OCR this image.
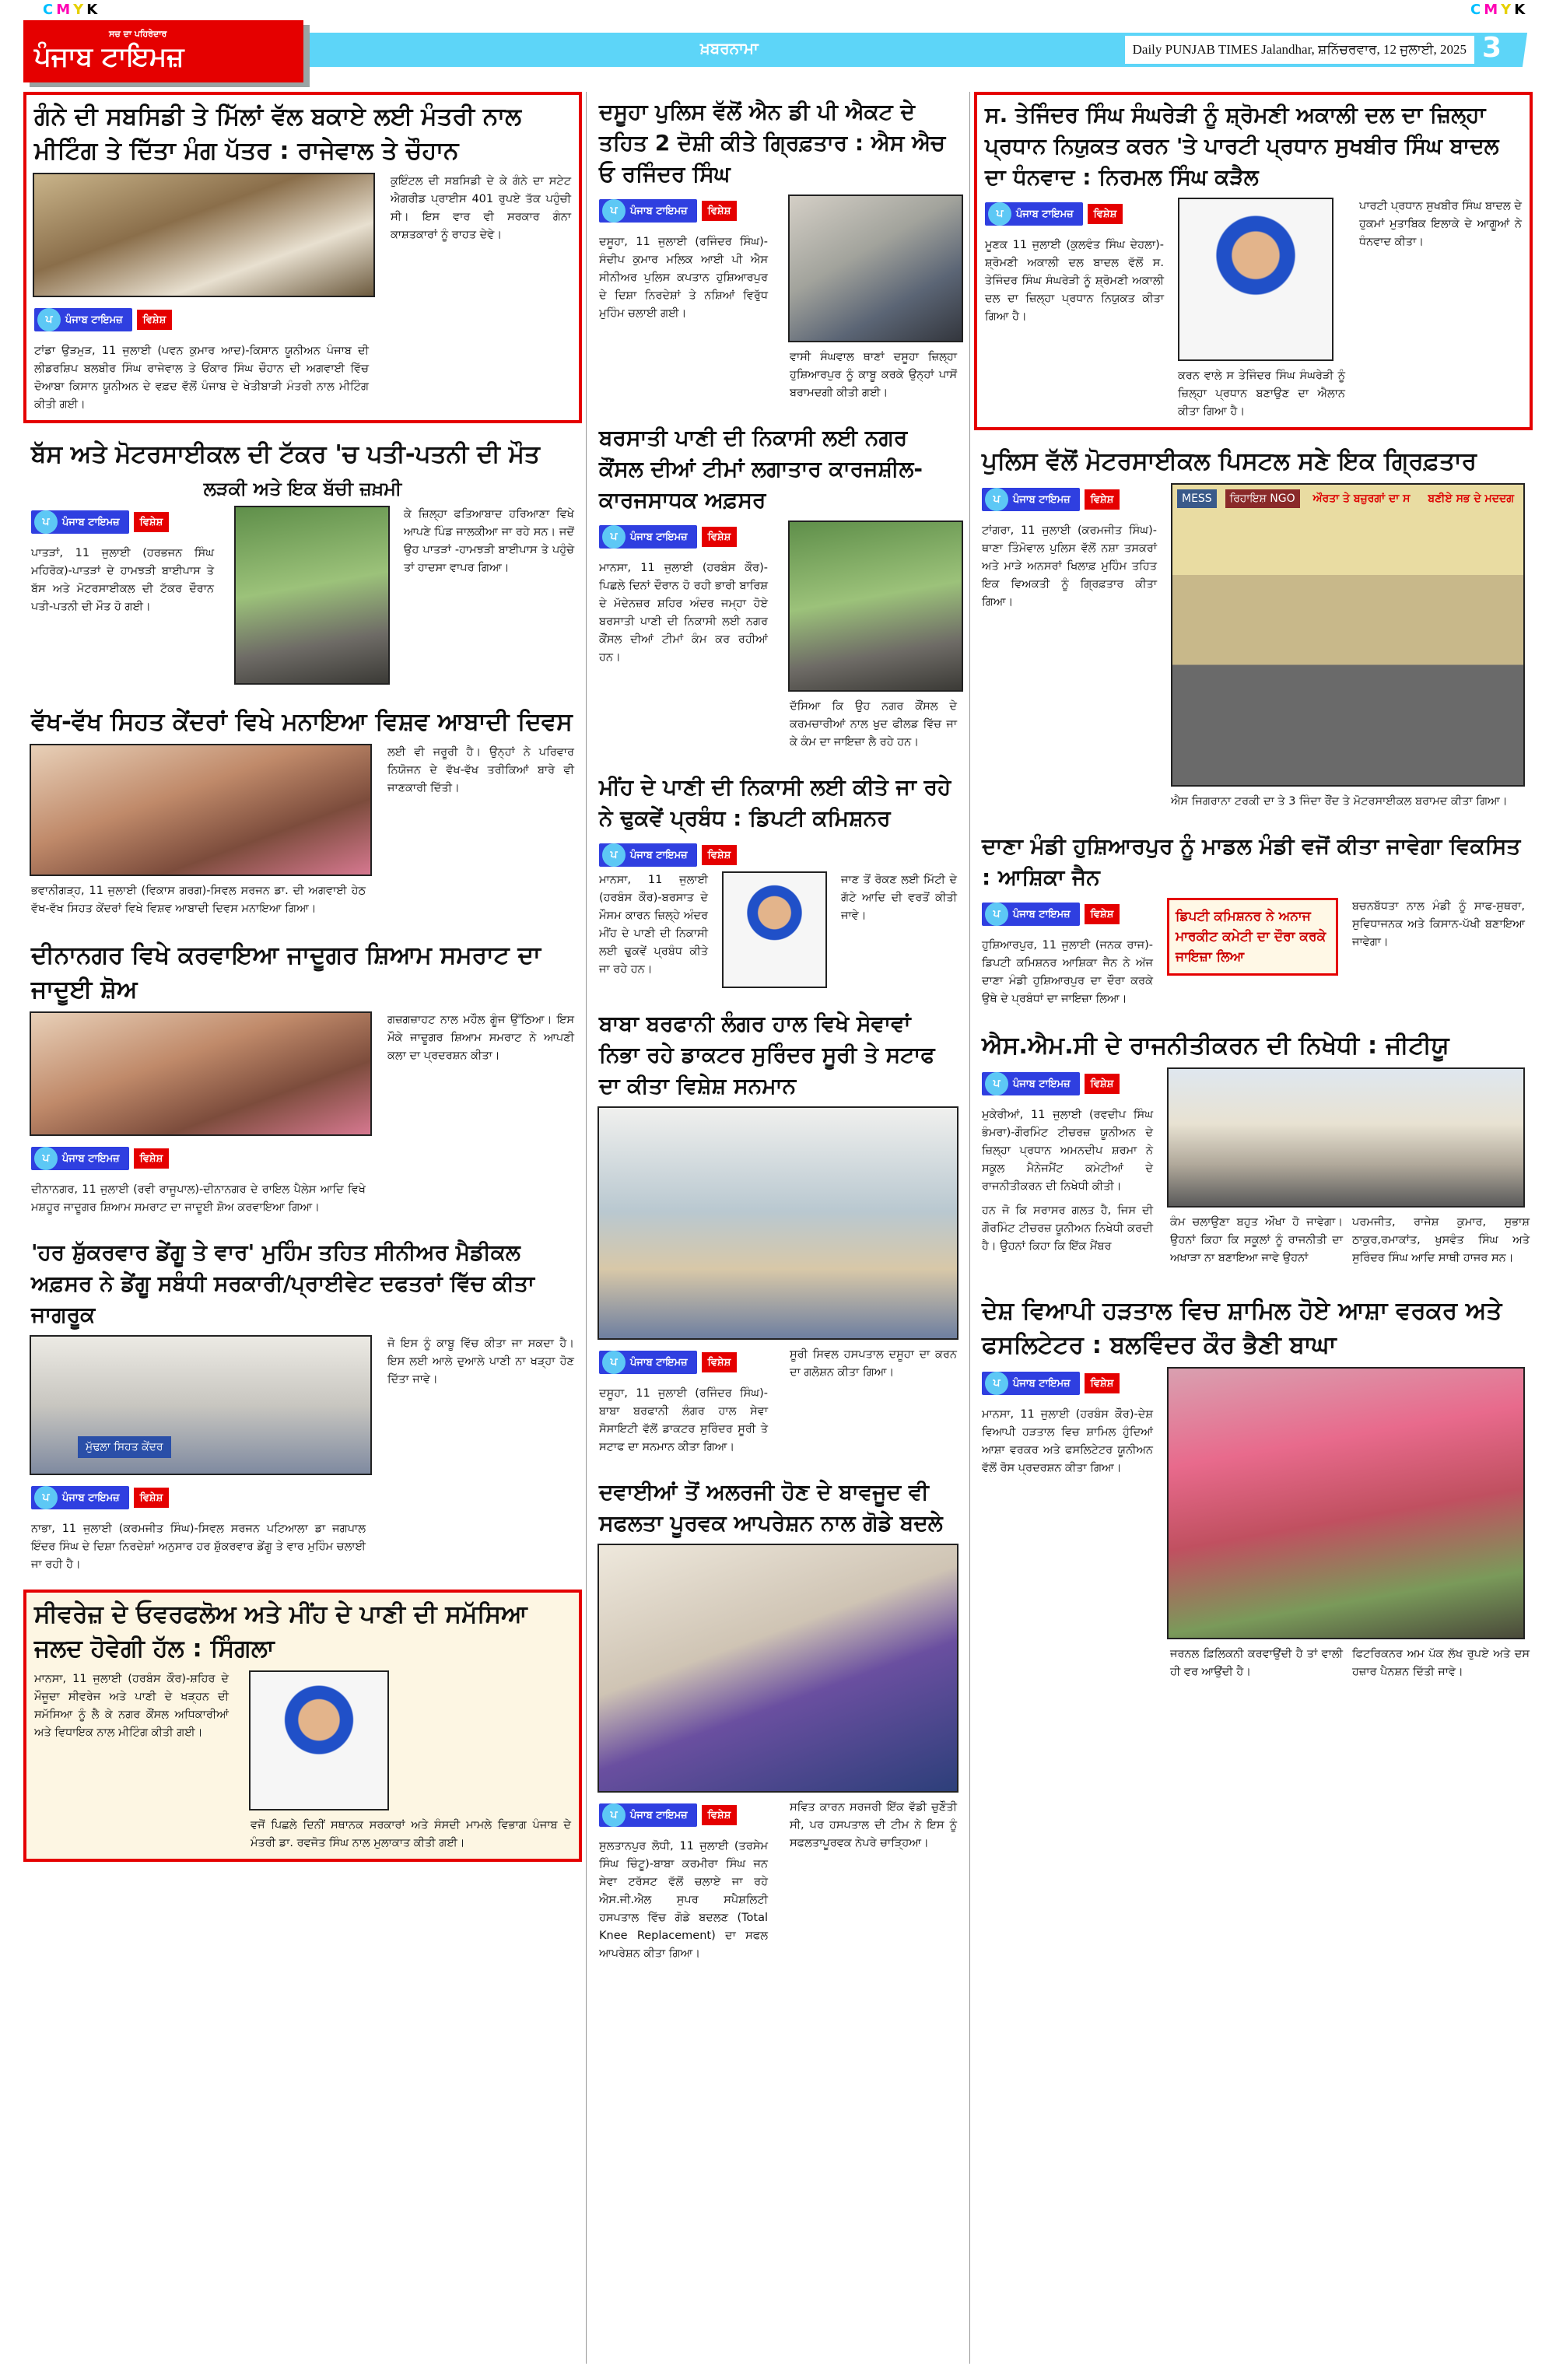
CMYK	CMYK
ਸਚ ਦਾ ਪਹਿਰੇਦਾਰ
ਪੰਜਾਬ ਟਾਇਮਜ਼	ਖ਼ਬਰਨਾਮਾ	Daily PUNJAB TIMES Jalandhar, ਸ਼ਨਿੱਚਰਵਾਰ, 12 ਜੁਲਾਈ, 2025 3
ਗੰਨੇ ਦੀ ਸਬਸਿਡੀ ਤੇ ਮਿੱਲਾਂ ਵੱਲ ਬਕਾਏ ਲਈ ਮੰਤਰੀ ਨਾਲ ਮੀਟਿੰਗ ਤੇ ਦਿੱਤਾ ਮੰਗ ਪੱਤਰ : ਰਾਜੇਵਾਲ ਤੇ ਚੌਹਾਨ
ਪ	ਪੰਜਾਬ ਟਾਇਮਜ਼	ਵਿਸ਼ੇਸ਼
ਟਾਂਡਾ ਉੜਮੁੜ, 11 ਜੁਲਾਈ (ਪਵਨ ਕੁਮਾਰ ਆਦ)-ਕਿਸਾਨ ਯੂਨੀਅਨ ਪੰਜਾਬ ਦੀ ਲੀਡਰਸ਼ਿਪ ਬਲਬੀਰ ਸਿੰਘ ਰਾਜੇਵਾਲ ਤੇ ਓਂਕਾਰ ਸਿੰਘ ਚੌਹਾਨ ਦੀ ਅਗਵਾਈ ਵਿੱਚ ਦੋਆਬਾ ਕਿਸਾਨ ਯੂਨੀਅਨ ਦੇ ਵਫ਼ਦ ਵੱਲੋਂ ਪੰਜਾਬ ਦੇ ਖੇਤੀਬਾੜੀ ਮੰਤਰੀ ਨਾਲ ਮੀਟਿੰਗ ਕੀਤੀ ਗਈ।
ਕੁਇੰਟਲ ਦੀ ਸਬਸਿਡੀ ਦੇ ਕੇ ਗੰਨੇ ਦਾ ਸਟੇਟ ਐਗਰੀਡ ਪ੍ਰਾਈਸ 401 ਰੁਪਏ ਤੱਕ ਪਹੁੰਚੀ ਸੀ। ਇਸ ਵਾਰ ਵੀ ਸਰਕਾਰ ਗੰਨਾ ਕਾਸ਼ਤਕਾਰਾਂ ਨੂੰ ਰਾਹਤ ਦੇਵੇ।
ਬੱਸ ਅਤੇ ਮੋਟਰਸਾਈਕਲ ਦੀ ਟੱਕਰ 'ਚ ਪਤੀ-ਪਤਨੀ ਦੀ ਮੌਤ
ਲੜਕੀ ਅਤੇ ਇਕ ਬੱਚੀ ਜ਼ਖ਼ਮੀ
ਪ	ਪੰਜਾਬ ਟਾਇਮਜ਼	ਵਿਸ਼ੇਸ਼
ਪਾਤੜਾਂ, 11 ਜੁਲਾਈ (ਹਰਭਜਨ ਸਿੰਘ ਮਹਿਰੋਕ)-ਪਾਤੜਾਂ ਦੇ ਹਾਮਝੜੀ ਬਾਈਪਾਸ ਤੇ ਬੱਸ ਅਤੇ ਮੋਟਰਸਾਈਕਲ ਦੀ ਟੱਕਰ ਦੌਰਾਨ ਪਤੀ-ਪਤਨੀ ਦੀ ਮੌਤ ਹੋ ਗਈ।
ਕੇ ਜ਼ਿਲ੍ਹਾ ਫਤਿਆਬਾਦ ਹਰਿਆਣਾ ਵਿਖੇ ਆਪਣੇ ਪਿੰਡ ਜਾਲਕੀਆ ਜਾ ਰਹੇ ਸਨ। ਜਦੋਂ ਉਹ ਪਾਤੜਾਂ -ਹਾਮਝੜੀ ਬਾਈਪਾਸ ਤੇ ਪਹੁੰਚੇ ਤਾਂ ਹਾਦਸਾ ਵਾਪਰ ਗਿਆ।
ਵੱਖ-ਵੱਖ ਸਿਹਤ ਕੇਂਦਰਾਂ ਵਿਖੇ ਮਨਾਇਆ ਵਿਸ਼ਵ ਆਬਾਦੀ ਦਿਵਸ
ਭਵਾਨੀਗੜ੍ਹ, 11 ਜੁਲਾਈ (ਵਿਕਾਸ ਗਰਗ)-ਸਿਵਲ ਸਰਜਨ ਡਾ. ਦੀ ਅਗਵਾਈ ਹੇਠ ਵੱਖ-ਵੱਖ ਸਿਹਤ ਕੇਂਦਰਾਂ ਵਿਖੇ ਵਿਸ਼ਵ ਆਬਾਦੀ ਦਿਵਸ ਮਨਾਇਆ ਗਿਆ।
ਲਈ ਵੀ ਜਰੂਰੀ ਹੈ। ਉਨ੍ਹਾਂ ਨੇ ਪਰਿਵਾਰ ਨਿਯੋਜਨ ਦੇ ਵੱਖ-ਵੱਖ ਤਰੀਕਿਆਂ ਬਾਰੇ ਵੀ ਜਾਣਕਾਰੀ ਦਿੱਤੀ।
ਦੀਨਾਨਗਰ ਵਿਖੇ ਕਰਵਾਇਆ ਜਾਦੂਗਰ ਸ਼ਿਆਮ ਸਮਰਾਟ ਦਾ ਜਾਦੂਈ ਸ਼ੋਅ
ਪ	ਪੰਜਾਬ ਟਾਇਮਜ਼	ਵਿਸ਼ੇਸ਼
ਦੀਨਾਨਗਰ, 11 ਜੁਲਾਈ (ਰਵੀ ਰਾਜੂਪਾਲ)-ਦੀਨਾਨਗਰ ਦੇ ਰਾਇਲ ਪੈਲੇਸ ਆਦਿ ਵਿਖੇ ਮਸ਼ਹੂਰ ਜਾਦੂਗਰ ਸ਼ਿਆਮ ਸਮਰਾਟ ਦਾ ਜਾਦੂਈ ਸ਼ੋਅ ਕਰਵਾਇਆ ਗਿਆ।
ਗਜ਼ਗਜ਼ਾਹਟ ਨਾਲ ਮਹੌਲ ਗੂੰਜ ਉੱਠਿਆ। ਇਸ ਮੌਕੇ ਜਾਦੂਗਰ ਸ਼ਿਆਮ ਸਮਰਾਟ ਨੇ ਆਪਣੀ ਕਲਾ ਦਾ ਪ੍ਰਦਰਸ਼ਨ ਕੀਤਾ।
'ਹਰ ਸ਼ੁੱਕਰਵਾਰ ਡੇਂਗੂ ਤੇ ਵਾਰ' ਮੁਹਿੰਮ ਤਹਿਤ ਸੀਨੀਅਰ ਮੈਡੀਕਲ ਅਫ਼ਸਰ ਨੇ ਡੇਂਗੂ ਸਬੰਧੀ ਸਰਕਾਰੀ/ਪ੍ਰਾਈਵੇਟ ਦਫਤਰਾਂ ਵਿੱਚ ਕੀਤਾ ਜਾਗਰੂਕ
ਮੁੱਢਲਾ ਸਿਹਤ ਕੇਂਦਰ
ਪ	ਪੰਜਾਬ ਟਾਇਮਜ਼	ਵਿਸ਼ੇਸ਼
ਨਾਭਾ, 11 ਜੁਲਾਈ (ਕਰਮਜੀਤ ਸਿੰਘ)-ਸਿਵਲ ਸਰਜਨ ਪਟਿਆਲਾ ਡਾ ਜਗਪਾਲ ਇੰਦਰ ਸਿੰਘ ਦੇ ਦਿਸ਼ਾ ਨਿਰਦੇਸ਼ਾਂ ਅਨੁਸਾਰ ਹਰ ਸ਼ੁੱਕਰਵਾਰ ਡੇਂਗੂ ਤੇ ਵਾਰ ਮੁਹਿੰਮ ਚਲਾਈ ਜਾ ਰਹੀ ਹੈ।
ਜੋ ਇਸ ਨੂੰ ਕਾਬੂ ਵਿੱਚ ਕੀਤਾ ਜਾ ਸਕਦਾ ਹੈ। ਇਸ ਲਈ ਆਲੇ ਦੁਆਲੇ ਪਾਣੀ ਨਾ ਖੜ੍ਹਾ ਹੋਣ ਦਿੱਤਾ ਜਾਵੇ।
ਸੀਵਰੇਜ਼ ਦੇ ਓਵਰਫਲੋਅ ਅਤੇ ਮੀਂਹ ਦੇ ਪਾਣੀ ਦੀ ਸਮੱਸਿਆ ਜਲਦ ਹੋਵੇਗੀ ਹੱਲ : ਸਿੰਗਲਾ
ਮਾਨਸਾ, 11 ਜੁਲਾਈ (ਹਰਬੰਸ ਕੌਰ)-ਸ਼ਹਿਰ ਦੇ ਮੌਜੂਦਾ ਸੀਵਰੇਜ ਅਤੇ ਪਾਣੀ ਦੇ ਖੜ੍ਹਨ ਦੀ ਸਮੱਸਿਆ ਨੂੰ ਲੈ ਕੇ ਨਗਰ ਕੌਂਸਲ ਅਧਿਕਾਰੀਆਂ ਅਤੇ ਵਿਧਾਇਕ ਨਾਲ ਮੀਟਿੰਗ ਕੀਤੀ ਗਈ।
ਵਜੋਂ ਪਿਛਲੇ ਦਿਨੀਂ ਸਥਾਨਕ ਸਰਕਾਰਾਂ ਅਤੇ ਸੰਸਦੀ ਮਾਮਲੇ ਵਿਭਾਗ ਪੰਜਾਬ ਦੇ ਮੰਤਰੀ ਡਾ. ਰਵਜੋਤ ਸਿੰਘ ਨਾਲ ਮੁਲਾਕਾਤ ਕੀਤੀ ਗਈ।
ਦਸੂਹਾ ਪੁਲਿਸ ਵੱਲੋਂ ਐਨ ਡੀ ਪੀ ਐਕਟ ਦੇ ਤਹਿਤ 2 ਦੋਸ਼ੀ ਕੀਤੇ ਗ੍ਰਿਫ਼ਤਾਰ : ਐਸ ਐਚ ਓ ਰਜਿੰਦਰ ਸਿੰਘ
ਪ	ਪੰਜਾਬ ਟਾਇਮਜ਼	ਵਿਸ਼ੇਸ਼
ਦਸੂਹਾ, 11 ਜੁਲਾਈ (ਰਜਿੰਦਰ ਸਿੰਘ)-ਸੰਦੀਪ ਕੁਮਾਰ ਮਲਿਕ ਆਈ ਪੀ ਐਸ ਸੀਨੀਅਰ ਪੁਲਿਸ ਕਪਤਾਨ ਹੁਸ਼ਿਆਰਪੁਰ ਦੇ ਦਿਸ਼ਾ ਨਿਰਦੇਸ਼ਾਂ ਤੇ ਨਸ਼ਿਆਂ ਵਿਰੁੱਧ ਮੁਹਿੰਮ ਚਲਾਈ ਗਈ।
ਵਾਸੀ ਸੰਘਵਾਲ ਥਾਣਾਂ ਦਸੂਹਾ ਜ਼ਿਲ੍ਹਾ ਹੁਸ਼ਿਆਰਪੁਰ ਨੂੰ ਕਾਬੂ ਕਰਕੇ ਉਨ੍ਹਾਂ ਪਾਸੋਂ ਬਰਾਮਦਗੀ ਕੀਤੀ ਗਈ।
ਬਰਸਾਤੀ ਪਾਣੀ ਦੀ ਨਿਕਾਸੀ ਲਈ ਨਗਰ ਕੌਂਸਲ ਦੀਆਂ ਟੀਮਾਂ ਲਗਾਤਾਰ ਕਾਰਜਸ਼ੀਲ-ਕਾਰਜਸਾਧਕ ਅਫ਼ਸਰ
ਪ	ਪੰਜਾਬ ਟਾਇਮਜ਼	ਵਿਸ਼ੇਸ਼
ਮਾਨਸਾ, 11 ਜੁਲਾਈ (ਹਰਬੰਸ ਕੌਰ)-ਪਿਛਲੇ ਦਿਨਾਂ ਦੌਰਾਨ ਹੋ ਰਹੀ ਭਾਰੀ ਬਾਰਿਸ਼ ਦੇ ਮੱਦੇਨਜ਼ਰ ਸ਼ਹਿਰ ਅੰਦਰ ਜਮ੍ਹਾ ਹੋਏ ਬਰਸਾਤੀ ਪਾਣੀ ਦੀ ਨਿਕਾਸੀ ਲਈ ਨਗਰ ਕੌਂਸਲ ਦੀਆਂ ਟੀਮਾਂ ਕੰਮ ਕਰ ਰਹੀਆਂ ਹਨ।
ਦੱਸਿਆ ਕਿ ਉਹ ਨਗਰ ਕੌਂਸਲ ਦੇ ਕਰਮਚਾਰੀਆਂ ਨਾਲ ਖੁਦ ਫੀਲਡ ਵਿੱਚ ਜਾ ਕੇ ਕੰਮ ਦਾ ਜਾਇਜ਼ਾ ਲੈ ਰਹੇ ਹਨ।
ਮੀਂਹ ਦੇ ਪਾਣੀ ਦੀ ਨਿਕਾਸੀ ਲਈ ਕੀਤੇ ਜਾ ਰਹੇ ਨੇ ਢੁਕਵੇਂ ਪ੍ਰਬੰਧ : ਡਿਪਟੀ ਕਮਿਸ਼ਨਰ
ਪ	ਪੰਜਾਬ ਟਾਇਮਜ਼	ਵਿਸ਼ੇਸ਼
ਮਾਨਸਾ, 11 ਜੁਲਾਈ (ਹਰਬੰਸ ਕੌਰ)-ਬਰਸਾਤ ਦੇ ਮੌਸਮ ਕਾਰਨ ਜ਼ਿਲ੍ਹੇ ਅੰਦਰ ਮੀਂਹ ਦੇ ਪਾਣੀ ਦੀ ਨਿਕਾਸੀ ਲਈ ਢੁਕਵੇਂ ਪ੍ਰਬੰਧ ਕੀਤੇ ਜਾ ਰਹੇ ਹਨ।
ਜਾਣ ਤੋਂ ਰੋਕਣ ਲਈ ਮਿੱਟੀ ਦੇ ਗੱਟੇ ਆਦਿ ਦੀ ਵਰਤੋਂ ਕੀਤੀ ਜਾਵੇ।
ਬਾਬਾ ਬਰਫਾਨੀ ਲੰਗਰ ਹਾਲ ਵਿਖੇ ਸੇਵਾਵਾਂ ਨਿਭਾ ਰਹੇ ਡਾਕਟਰ ਸੁਰਿੰਦਰ ਸੂਰੀ ਤੇ ਸਟਾਫ ਦਾ ਕੀਤਾ ਵਿਸ਼ੇਸ਼ ਸਨਮਾਨ
ਪ	ਪੰਜਾਬ ਟਾਇਮਜ਼	ਵਿਸ਼ੇਸ਼
ਦਸੂਹਾ, 11 ਜੁਲਾਈ (ਰਜਿੰਦਰ ਸਿੰਘ)-ਬਾਬਾ ਬਰਫਾਨੀ ਲੰਗਰ ਹਾਲ ਸੇਵਾ ਸੋਸਾਇਟੀ ਵੱਲੋਂ ਡਾਕਟਰ ਸੁਰਿੰਦਰ ਸੂਰੀ ਤੇ ਸਟਾਫ ਦਾ ਸਨਮਾਨ ਕੀਤਾ ਗਿਆ।
ਸੂਰੀ ਸਿਵਲ ਹਸਪਤਾਲ ਦਸੂਹਾ ਦਾ ਕਰਨ ਦਾ ਗਲੋਸ਼ਨ ਕੀਤਾ ਗਿਆ।
ਦਵਾਈਆਂ ਤੋਂ ਅਲਰਜੀ ਹੋਣ ਦੇ ਬਾਵਜੂਦ ਵੀ ਸਫਲਤਾ ਪੂਰਵਕ ਆਪਰੇਸ਼ਨ ਨਾਲ ਗੋਡੇ ਬਦਲੇ
ਪ	ਪੰਜਾਬ ਟਾਇਮਜ਼	ਵਿਸ਼ੇਸ਼
ਸੁਲਤਾਨਪੁਰ ਲੋਧੀ, 11 ਜੁਲਾਈ (ਤਰਸੇਮ ਸਿੰਘ ਚਿੰਟੂ)-ਬਾਬਾ ਕਰਮੀਰਾ ਸਿੰਘ ਜਨ ਸੇਵਾ ਟਰੱਸਟ ਵੱਲੋਂ ਚਲਾਏ ਜਾ ਰਹੇ ਐਸ.ਜੀ.ਐਲ ਸੁਪਰ ਸਪੈਸ਼ਲਿਟੀ ਹਸਪਤਾਲ ਵਿੱਚ ਗੋਡੇ ਬਦਲਣ (Total Knee Replacement) ਦਾ ਸਫਲ ਆਪਰੇਸ਼ਨ ਕੀਤਾ ਗਿਆ।
ਸਵਿਤ ਕਾਰਨ ਸਰਜਰੀ ਇੱਕ ਵੱਡੀ ਚੁਣੌਤੀ ਸੀ, ਪਰ ਹਸਪਤਾਲ ਦੀ ਟੀਮ ਨੇ ਇਸ ਨੂੰ ਸਫਲਤਾਪੂਰਵਕ ਨੇਪਰੇ ਚਾੜ੍ਹਿਆ।
ਸ. ਤੇਜਿੰਦਰ ਸਿੰਘ ਸੰਘਰੇੜੀ ਨੂੰ ਸ਼੍ਰੋਮਣੀ ਅਕਾਲੀ ਦਲ ਦਾ ਜ਼ਿਲ੍ਹਾ ਪ੍ਰਧਾਨ ਨਿਯੁਕਤ ਕਰਨ 'ਤੇ ਪਾਰਟੀ ਪ੍ਰਧਾਨ ਸੁਖਬੀਰ ਸਿੰਘ ਬਾਦਲ ਦਾ ਧੰਨਵਾਦ : ਨਿਰਮਲ ਸਿੰਘ ਕੜੈਲ
ਪ	ਪੰਜਾਬ ਟਾਇਮਜ਼	ਵਿਸ਼ੇਸ਼
ਮੂਣਕ 11 ਜੁਲਾਈ (ਕੁਲਵੰਤ ਸਿੰਘ ਦੇਹਲਾ)-ਸ਼੍ਰੋਮਣੀ ਅਕਾਲੀ ਦਲ ਬਾਦਲ ਵੱਲੋਂ ਸ. ਤੇਜਿੰਦਰ ਸਿੰਘ ਸੰਘਰੇੜੀ ਨੂੰ ਸ਼੍ਰੋਮਣੀ ਅਕਾਲੀ ਦਲ ਦਾ ਜ਼ਿਲ੍ਹਾ ਪ੍ਰਧਾਨ ਨਿਯੁਕਤ ਕੀਤਾ ਗਿਆ ਹੈ।
ਕਰਨ ਵਾਲੇ ਸ ਤੇਜਿੰਦਰ ਸਿੰਘ ਸੰਘਰੇੜੀ ਨੂੰ ਜ਼ਿਲ੍ਹਾ ਪ੍ਰਧਾਨ ਬਣਾਉਣ ਦਾ ਐਲਾਨ ਕੀਤਾ ਗਿਆ ਹੈ।
ਪਾਰਟੀ ਪ੍ਰਧਾਨ ਸੁਖਬੀਰ ਸਿੰਘ ਬਾਦਲ ਦੇ ਹੁਕਮਾਂ ਮੁਤਾਬਿਕ ਇਲਾਕੇ ਦੇ ਆਗੂਆਂ ਨੇ ਧੰਨਵਾਦ ਕੀਤਾ।
ਪੁਲਿਸ ਵੱਲੋਂ ਮੋਟਰਸਾਈਕਲ ਪਿਸਟਲ ਸਣੇ ਇਕ ਗ੍ਰਿਫ਼ਤਾਰ
ਪ	ਪੰਜਾਬ ਟਾਇਮਜ਼	ਵਿਸ਼ੇਸ਼
ਟਾਂਗਰਾ, 11 ਜੁਲਾਈ (ਕਰਮਜੀਤ ਸਿੰਘ)-ਥਾਣਾ ਤਿੰਮੋਵਾਲ ਪੁਲਿਸ ਵੱਲੋਂ ਨਸ਼ਾ ਤਸਕਰਾਂ ਅਤੇ ਮਾੜੇ ਅਨਸਰਾਂ ਖਿਲਾਫ਼ ਮੁਹਿੰਮ ਤਹਿਤ ਇਕ ਵਿਅਕਤੀ ਨੂੰ ਗ੍ਰਿਫ਼ਤਾਰ ਕੀਤਾ ਗਿਆ।
MESS	ਰਿਹਾਇਸ਼ NGO	ਔਰਤਾ ਤੇ ਬਜ਼ੁਰਗਾਂ ਦਾ ਸ	ਬਣੀਏ ਸਭ ਦੇ ਮਦਦਗ
ਐਸ ਜਿਗਰਾਨਾ ਟਰਕੀ ਦਾ ਤੇ 3 ਜਿੰਦਾ ਰੌਂਦ ਤੇ ਮੋਟਰਸਾਈਕਲ ਬਰਾਮਦ ਕੀਤਾ ਗਿਆ।
ਦਾਣਾ ਮੰਡੀ ਹੁਸ਼ਿਆਰਪੁਰ ਨੂੰ ਮਾਡਲ ਮੰਡੀ ਵਜੋਂ ਕੀਤਾ ਜਾਵੇਗਾ ਵਿਕਸਿਤ : ਆਸ਼ਿਕਾ ਜੈਨ
ਪ	ਪੰਜਾਬ ਟਾਇਮਜ਼	ਵਿਸ਼ੇਸ਼
ਹੁਸ਼ਿਆਰਪੁਰ, 11 ਜੁਲਾਈ (ਜਨਕ ਰਾਜ)-ਡਿਪਟੀ ਕਮਿਸ਼ਨਰ ਆਸ਼ਿਕਾ ਜੈਨ ਨੇ ਅੱਜ ਦਾਣਾ ਮੰਡੀ ਹੁਸ਼ਿਆਰਪੁਰ ਦਾ ਦੌਰਾ ਕਰਕੇ ਉਥੇ ਦੇ ਪ੍ਰਬੰਧਾਂ ਦਾ ਜਾਇਜ਼ਾ ਲਿਆ।
ਡਿਪਟੀ ਕਮਿਸ਼ਨਰ ਨੇ ਅਨਾਜ ਮਾਰਕੀਟ ਕਮੇਟੀ ਦਾ ਦੌਰਾ ਕਰਕੇ ਜਾਇਜ਼ਾ ਲਿਆ
ਬਚਨਬੱਧਤਾ ਨਾਲ ਮੰਡੀ ਨੂੰ ਸਾਫ-ਸੁਥਰਾ, ਸੁਵਿਧਾਜਨਕ ਅਤੇ ਕਿਸਾਨ-ਪੱਖੀ ਬਣਾਇਆ ਜਾਵੇਗਾ।
ਐਸ.ਐਮ.ਸੀ ਦੇ ਰਾਜਨੀਤੀਕਰਨ ਦੀ ਨਿਖੇਧੀ : ਜੀਟੀਯੂ
ਪ	ਪੰਜਾਬ ਟਾਇਮਜ਼	ਵਿਸ਼ੇਸ਼
ਮੁਕੇਰੀਆਂ, 11 ਜੁਲਾਈ (ਰਵਦੀਪ ਸਿੰਘ ਭੰਮਰਾ)-ਗੌਰਮਿੰਟ ਟੀਚਰਜ਼ ਯੂਨੀਅਨ ਦੇ ਜ਼ਿਲ੍ਹਾ ਪ੍ਰਧਾਨ ਅਮਨਦੀਪ ਸ਼ਰਮਾ ਨੇ ਸਕੂਲ ਮੈਨੇਜਮੈਂਟ ਕਮੇਟੀਆਂ ਦੇ ਰਾਜਨੀਤੀਕਰਨ ਦੀ ਨਿਖੇਧੀ ਕੀਤੀ।
ਹਨ ਜੋ ਕਿ ਸਰਾਸਰ ਗਲਤ ਹੈ, ਜਿਸ ਦੀ ਗੌਰਮਿੰਟ ਟੀਚਰਜ਼ ਯੂਨੀਅਨ ਨਿਖੇਧੀ ਕਰਦੀ ਹੈ। ਉਹਨਾਂ ਕਿਹਾ ਕਿ ਇੱਕ ਮੈਂਬਰ
ਕੰਮ ਚਲਾਉਣਾ ਬਹੁਤ ਔਖਾ ਹੋ ਜਾਵੇਗਾ। ਉਹਨਾਂ ਕਿਹਾ ਕਿ ਸਕੂਲਾਂ ਨੂੰ ਰਾਜਨੀਤੀ ਦਾ ਅਖਾੜਾ ਨਾ ਬਣਾਇਆ ਜਾਵੇ ਉਹਨਾਂ
ਪਰਮਜੀਤ, ਰਾਜੇਸ਼ ਕੁਮਾਰ, ਸੁਭਾਸ਼ ਠਾਕੁਰ,ਰਮਾਕਾਂਤ, ਖੁਸਵੰਤ ਸਿੰਘ ਅਤੇ ਸੁਰਿੰਦਰ ਸਿੰਘ ਆਦਿ ਸਾਥੀ ਹਾਜਰ ਸਨ।
ਦੇਸ਼ ਵਿਆਪੀ ਹੜਤਾਲ ਵਿਚ ਸ਼ਾਮਿਲ ਹੋਏ ਆਸ਼ਾ ਵਰਕਰ ਅਤੇ ਫਸਲਿਟੇਟਰ : ਬਲਵਿੰਦਰ ਕੌਰ ਭੈਣੀ ਬਾਘਾ
ਪ	ਪੰਜਾਬ ਟਾਇਮਜ਼	ਵਿਸ਼ੇਸ਼
ਮਾਨਸਾ, 11 ਜੁਲਾਈ (ਹਰਬੰਸ ਕੌਰ)-ਦੇਸ਼ ਵਿਆਪੀ ਹੜਤਾਲ ਵਿਚ ਸ਼ਾਮਿਲ ਹੁੰਦਿਆਂ ਆਸ਼ਾ ਵਰਕਰ ਅਤੇ ਫਸਲਿਟੇਟਰ ਯੂਨੀਅਨ ਵੱਲੋਂ ਰੋਸ ਪ੍ਰਦਰਸ਼ਨ ਕੀਤਾ ਗਿਆ।
ਜਰਨਲ ਫ਼ਿਲਿਕਨੀ ਕਰਵਾਉਂਦੀ ਹੈ ਤਾਂ ਵਾਲੀ ਹੀ ਵਰ ਆਉਂਦੀ ਹੈ।
ਫਿਟਰਿਕਨਰ ਅਮ ਪੱਕ ਲੱਖ ਰੁਪਏ ਅਤੇ ਦਸ ਹਜ਼ਾਰ ਪੈਨਸ਼ਨ ਦਿੱਤੀ ਜਾਵੇ।
